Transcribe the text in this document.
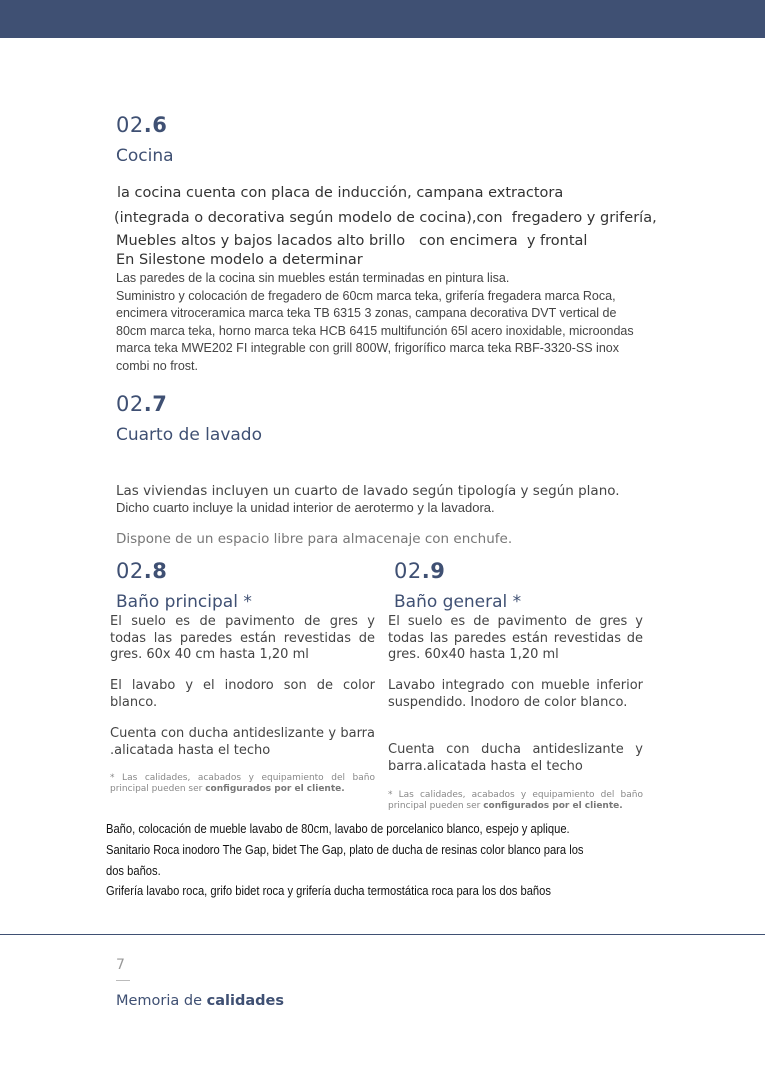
02.6
Cocina
la cocina cuenta con placa de inducción, campana extractora
(integrada o decorativa según modelo de cocina),con  fregadero y grifería,
Muebles altos y bajos lacados alto brillo   con encimera  y frontal
En Silestone modelo a determinar
Las paredes de la cocina sin muebles están terminadas en pintura lisa.
Suministro y colocación de fregadero de 60cm marca teka, grifería fregadera marca Roca, encimera vitroceramica marca teka TB 6315 3 zonas, campana decorativa DVT vertical de 80cm marca teka, horno marca teka HCB 6415 multifunción 65l acero inoxidable, microondas marca teka MWE202 FI integrable con grill 800W, frigorífico marca teka RBF-3320-SS inox combi no frost.
02.7
Cuarto de lavado
Las viviendas incluyen un cuarto de lavado según tipología y según plano.
Dicho cuarto incluye la unidad interior de aerotermo y la lavadora.
Dispone de un espacio libre para almacenaje con enchufe.
02.8
Baño principal *
El suelo es de pavimento de gres y todas las paredes están revestidas de gres. 60x 40 cm hasta 1,20 ml
El lavabo y el inodoro son de color blanco.
Cuenta con ducha antideslizante y barra .alicatada hasta el techo
* Las calidades, acabados y equipamiento del baño principal pueden ser configurados por el cliente.
02.9
Baño general *
El suelo es de pavimento de gres y todas las paredes están revestidas de gres. 60x40 hasta 1,20 ml
Lavabo integrado con mueble inferior suspendido. Inodoro de color blanco.
Cuenta con ducha antideslizante y barra.alicatada hasta el techo
* Las calidades, acabados y equipamiento del baño principal pueden ser configurados por el cliente.
Baño, colocación de mueble lavabo de 80cm, lavabo de porcelanico blanco, espejo y aplique.
Sanitario Roca inodoro The Gap, bidet The Gap, plato de ducha de resinas color blanco para los
dos baños.
Grifería lavabo roca, grifo bidet roca y grifería ducha termostática roca para los dos baños
7
Memoria de calidades
